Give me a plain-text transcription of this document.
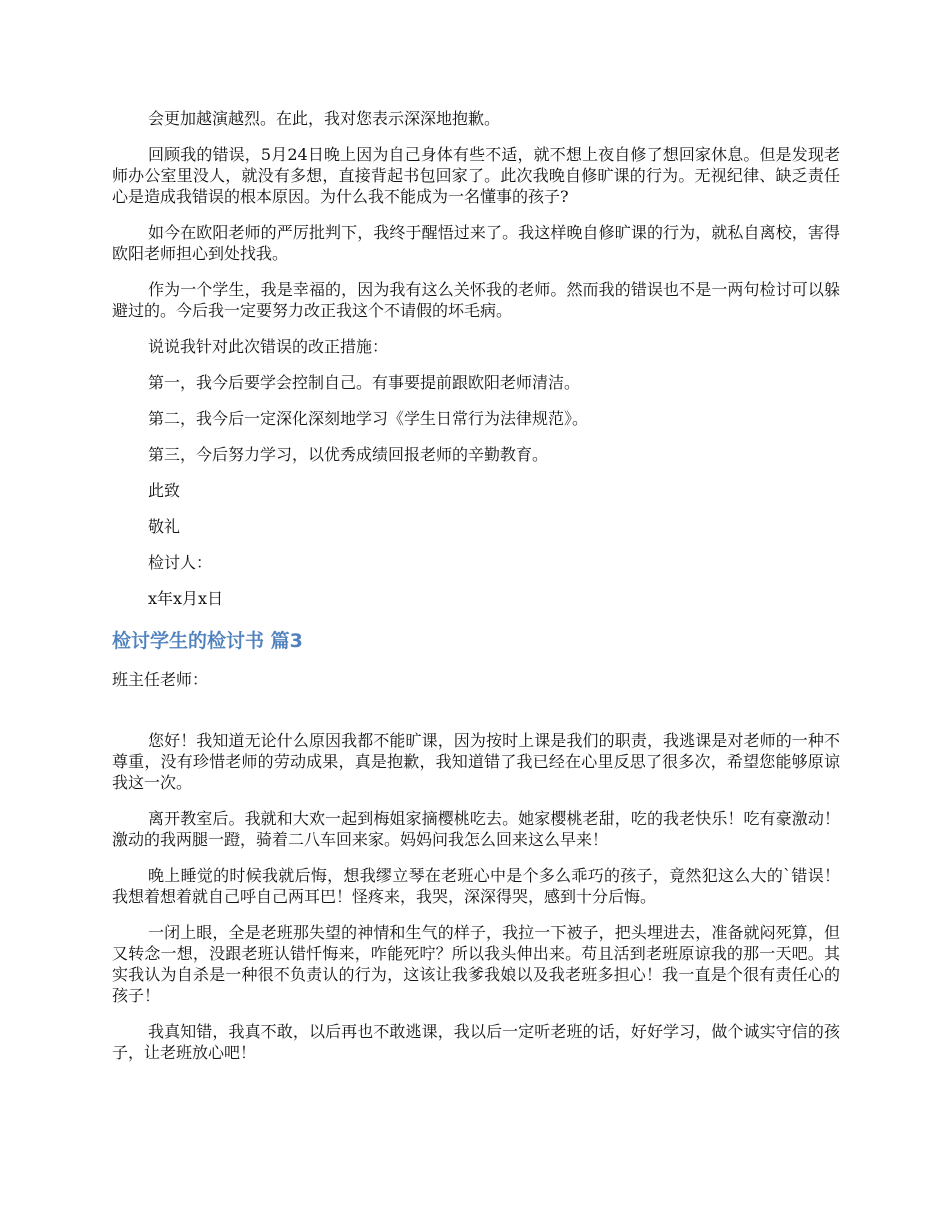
会更加越演越烈。在此，我对您表示深深地抱歉。

回顾我的错误，5月24日晚上因为自己身体有些不适，就不想上夜自修了想回家休息。但是发现老师办公室里没人，就没有多想，直接背起书包回家了。此次我晚自修旷课的行为。无视纪律、缺乏责任心是造成我错误的根本原因。为什么我不能成为一名懂事的孩子?

如今在欧阳老师的严厉批判下，我终于醒悟过来了。我这样晚自修旷课的行为，就私自离校，害得欧阳老师担心到处找我。

作为一个学生，我是幸福的，因为我有这么关怀我的老师。然而我的错误也不是一两句检讨可以躲避过的。今后我一定要努力改正我这个不请假的坏毛病。

说说我针对此次错误的改正措施：

第一，我今后要学会控制自己。有事要提前跟欧阳老师清洁。

第二，我今后一定深化深刻地学习《学生日常行为法律规范》。

第三，今后努力学习，以优秀成绩回报老师的辛勤教育。

此致

敬礼

检讨人：

x年x月x日

检讨学生的检讨书 篇3

班主任老师：

您好！我知道无论什么原因我都不能旷课，因为按时上课是我们的职责，我逃课是对老师的一种不尊重，没有珍惜老师的劳动成果，真是抱歉，我知道错了我已经在心里反思了很多次，希望您能够原谅我这一次。

离开教室后。我就和大欢一起到梅姐家摘樱桃吃去。她家樱桃老甜，吃的我老快乐！吃有豪激动！激动的我两腿一蹬，骑着二八车回来家。妈妈问我怎么回来这么早来！

晚上睡觉的时候我就后悔，想我缪立琴在老班心中是个多么乖巧的孩子，竟然犯这么大的`错误！我想着想着就自己呼自己两耳巴！怪疼来，我哭，深深得哭，感到十分后悔。

一闭上眼，全是老班那失望的神情和生气的样子，我拉一下被子，把头埋进去，准备就闷死算，但又转念一想，没跟老班认错忏悔来，咋能死咛？所以我头伸出来。苟且活到老班原谅我的那一天吧。其实我认为自杀是一种很不负责认的行为，这该让我爹我娘以及我老班多担心！我一直是个很有责任心的孩子！

我真知错，我真不敢，以后再也不敢逃课，我以后一定听老班的话，好好学习，做个诚实守信的孩子，让老班放心吧！
